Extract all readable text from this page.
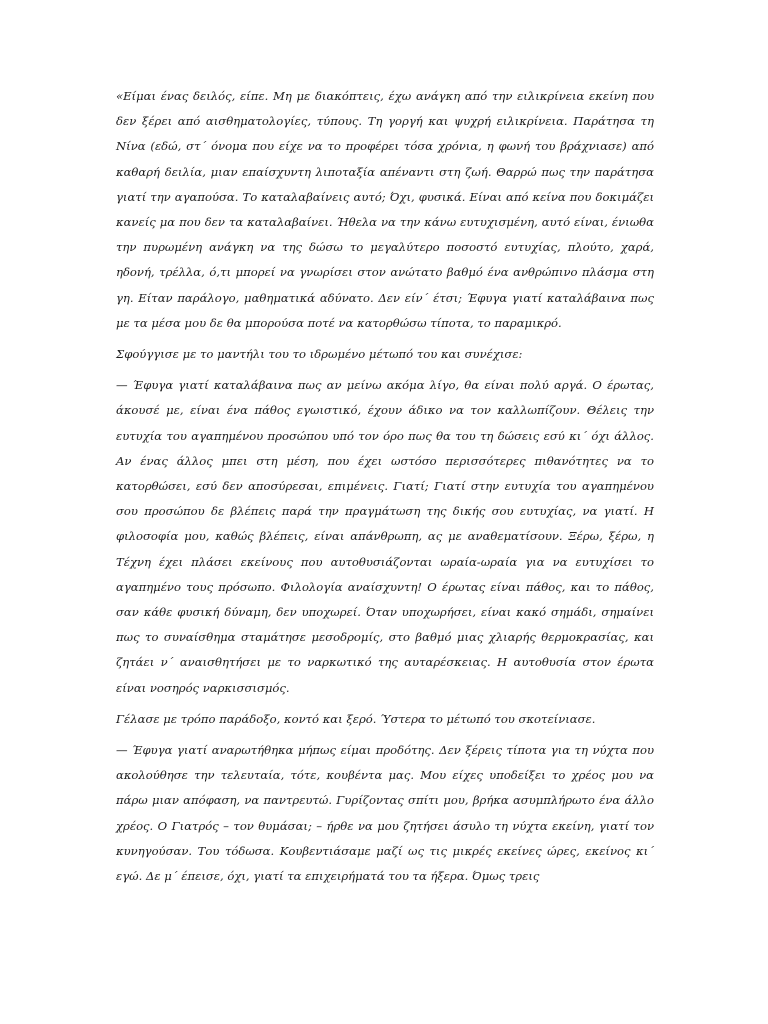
«Είμαι ένας δειλός, είπε. Μη με διακόπτεις, έχω ανάγκη από την ειλικρίνεια εκείνη που δεν ξέρει από αισθηματολογίες, τύπους. Τη γοργή και ψυχρή ειλικρίνεια. Παράτησα τη Νίνα (εδώ, στ΄ όνομα που είχε να το προφέρει τόσα χρόνια, η φωνή του βράχνιασε) από καθαρή δειλία, μιαν επαίσχυντη λιποταξία απέναντι στη ζωή. Θαρρώ πως την παράτησα γιατί την αγαπούσα. Το καταλαβαίνεις αυτό; Όχι, φυσικά. Είναι από κείνα που δοκιμάζει κανείς μα που δεν τα καταλαβαίνει. Ήθελα να την κάνω ευτυχισμένη, αυτό είναι, ένιωθα την πυρωμένη ανάγκη να της δώσω το μεγαλύτερο ποσοστό ευτυχίας, πλούτο, χαρά, ηδονή, τρέλλα, ό,τι μπορεί να γνωρίσει στον ανώτατο βαθμό ένα ανθρώπινο πλάσμα στη γη. Είταν παράλογο, μαθηματικά αδύνατο. Δεν είν΄ έτσι; Έφυγα γιατί καταλάβαινα πως με τα μέσα μου δε θα μπορούσα ποτέ να κατορθώσω τίποτα, το παραμικρό.

Σφούγγισε με το μαντήλι του το ιδρωμένο μέτωπό του και συνέχισε:

— Έφυγα γιατί καταλάβαινα πως αν μείνω ακόμα λίγο, θα είναι πολύ αργά. Ο έρωτας, άκουσέ με, είναι ένα πάθος εγωιστικό, έχουν άδικο να τον καλλωπίζουν. Θέλεις την ευτυχία του αγαπημένου προσώπου υπό τον όρο πως θα του τη δώσεις εσύ κι΄ όχι άλλος. Αν ένας άλλος μπει στη μέση, που έχει ωστόσο περισσότερες πιθανότητες να το κατορθώσει, εσύ δεν αποσύρεσαι, επιμένεις. Γιατί; Γιατί στην ευτυχία του αγαπημένου σου προσώπου δε βλέπεις παρά την πραγμάτωση της δικής σου ευτυχίας, να γιατί. Η φιλοσοφία μου, καθώς βλέπεις, είναι απάνθρωπη, ας με αναθεματίσουν. Ξέρω, ξέρω, η Τέχνη έχει πλάσει εκείνους που αυτοθυσιάζονται ωραία-ωραία για να ευτυχίσει το αγαπημένο τους πρόσωπο. Φιλολογία αναίσχυντη! Ο έρωτας είναι πάθος, και το πάθος, σαν κάθε φυσική δύναμη, δεν υποχωρεί. Όταν υποχωρήσει, είναι κακό σημάδι, σημαίνει πως το συναίσθημα σταμάτησε μεσοδρομίς, στο βαθμό μιας χλιαρής θερμοκρασίας, και ζητάει ν΄ αναισθητήσει με το ναρκωτικό της αυταρέσκειας. Η αυτοθυσία στον έρωτα είναι νοσηρός ναρκισσισμός.

Γέλασε με τρόπο παράδοξο, κοντό και ξερό. Ύστερα το μέτωπό του σκοτείνιασε.

— Έφυγα γιατί αναρωτήθηκα μήπως είμαι προδότης. Δεν ξέρεις τίποτα για τη νύχτα που ακολούθησε την τελευταία, τότε, κουβέντα μας. Μου είχες υποδείξει το χρέος μου να πάρω μιαν απόφαση, να παντρευτώ. Γυρίζοντας σπίτι μου, βρήκα ασυμπλήρωτο ένα άλλο χρέος. Ο Γιατρός – τον θυμάσαι; – ήρθε να μου ζητήσει άσυλο τη νύχτα εκείνη, γιατί τον κυνηγούσαν. Του τόδωσα. Κουβεντιάσαμε μαζί ως τις μικρές εκείνες ώρες, εκείνος κι΄ εγώ. Δε μ΄ έπεισε, όχι, γιατί τα επιχειρήματά του τα ήξερα. Όμως τρεις
